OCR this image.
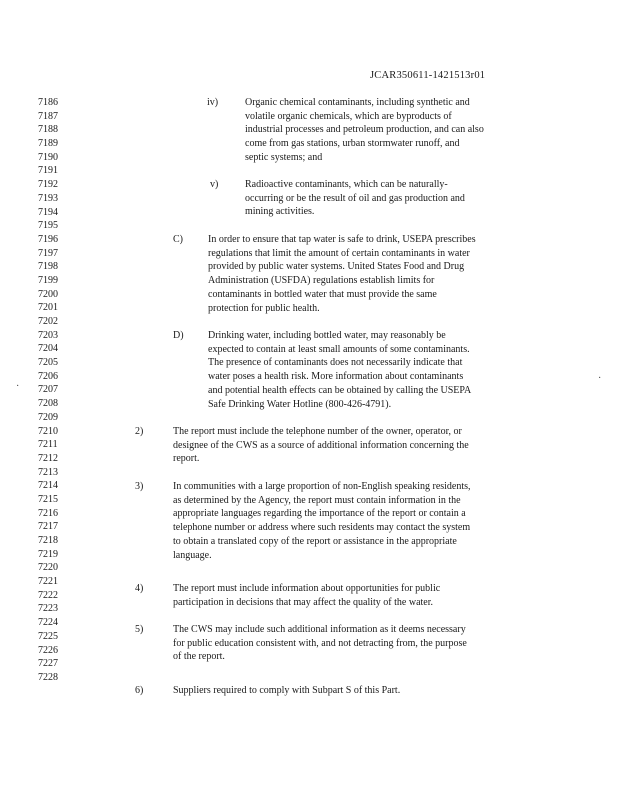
JCAR350611-1421513r01
7186
7187
7188
7189
7190
7191
7192
7193
7194
7195
7196
7197
7198
7199
7200
7201
7202
7203
7204
7205
7206
7207
7208
7209
7210
7211
7212
7213
7214
7215
7216
7217
7218
7219
7220
7221
7222
7223
7224
7225
7226
7227
7228
iv)	Organic chemical contaminants, including synthetic and
volatile organic chemicals, which are byproducts of
industrial processes and petroleum production, and can also
come from gas stations, urban stormwater runoff, and
septic systems; and
v)	Radioactive contaminants, which can be naturally-
occurring or be the result of oil and gas production and
mining activities.
C)	In order to ensure that tap water is safe to drink, USEPA prescribes
regulations that limit the amount of certain contaminants in water
provided by public water systems. United States Food and Drug
Administration (USFDA) regulations establish limits for
contaminants in bottled water that must provide the same
protection for public health.
D) Drinking water, including bottled water, may reasonably be
expected to contain at least small amounts of some contaminants.
The presence of contaminants does not necessarily indicate that
water poses a health risk. More information about contaminants
and potential health effects can be obtained by calling the USEPA
Safe Drinking Water Hotline (800-426-4791).
2)	The report must include the telephone number of the owner, operator, or
designee of the CWS as a source of additional information concerning the
report.
3)	In communities with a large proportion of non-English speaking residents,
as determined by the Agency, the report must contain information in the
appropriate languages regarding the importance of the report or contain a
telephone number or address where such residents may contact the system
to obtain a translated copy of the report or assistance in the appropriate
language.
4)	The report must include information about opportunities for public
participation in decisions that may affect the quality of the water.
5)	The CWS may include such additional information as it deems necessary
for public education consistent with, and not detracting from, the purpose
of the report.
6)	Suppliers required to comply with Subpart S of this Part.
·
·
